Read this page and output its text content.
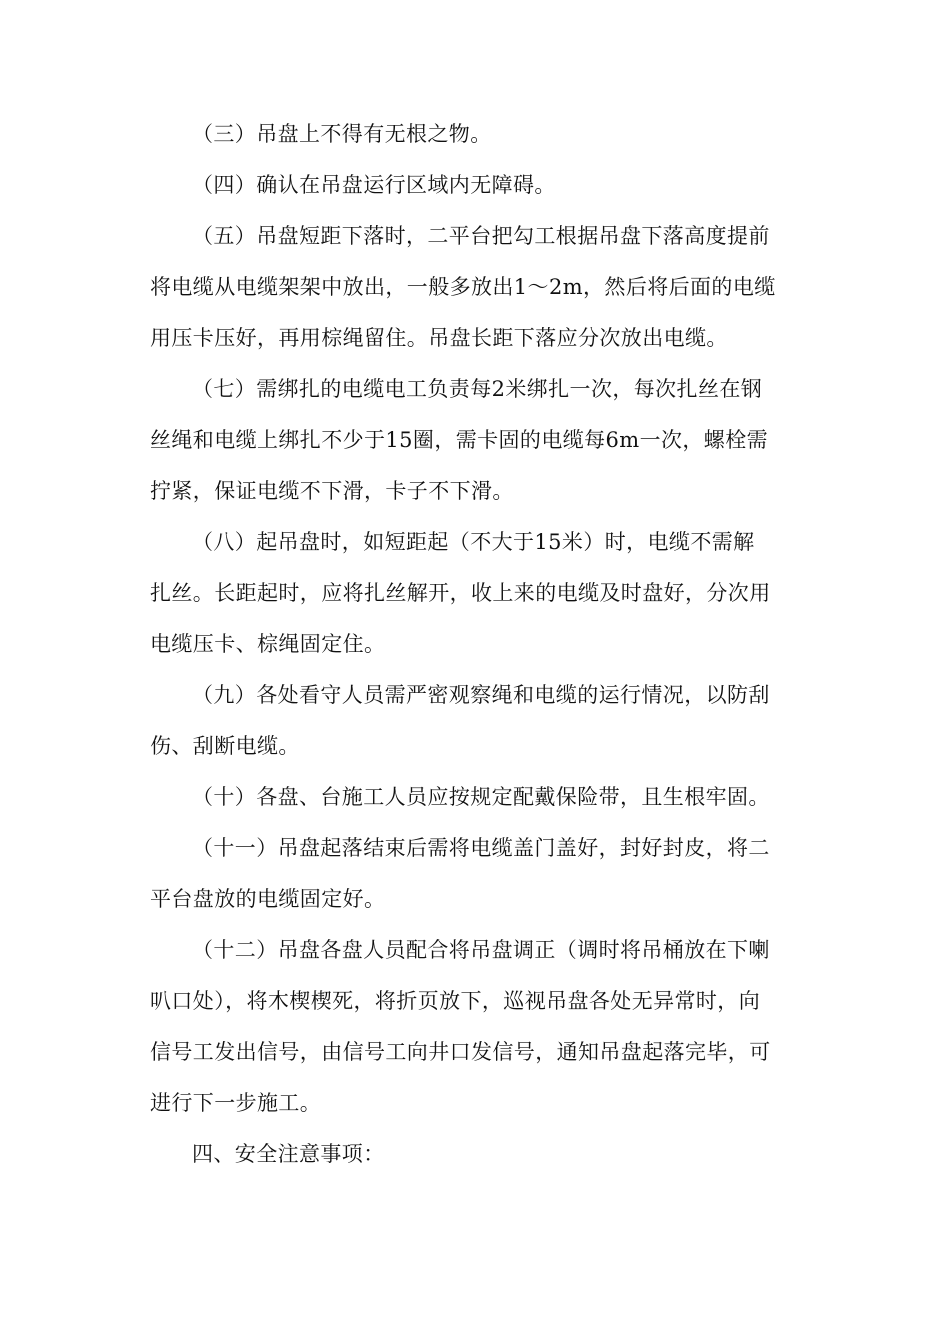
（三）吊盘上不得有无根之物。
（四）确认在吊盘运行区域内无障碍。
（五）吊盘短距下落时，二平台把勾工根据吊盘下落高度提前
将电缆从电缆架架中放出，一般多放出1～2m，然后将后面的电缆
用压卡压好，再用棕绳留住。吊盘长距下落应分次放出电缆。
（七）需绑扎的电缆电工负责每2米绑扎一次，每次扎丝在钢
丝绳和电缆上绑扎不少于15圈，需卡固的电缆每6m一次，螺栓需
拧紧，保证电缆不下滑，卡子不下滑。
（八）起吊盘时，如短距起（不大于15米）时，电缆不需解
扎丝。长距起时，应将扎丝解开，收上来的电缆及时盘好，分次用
电缆压卡、棕绳固定住。
（九）各处看守人员需严密观察绳和电缆的运行情况，以防刮
伤、刮断电缆。
（十）各盘、台施工人员应按规定配戴保险带，且生根牢固。
（十一）吊盘起落结束后需将电缆盖门盖好，封好封皮，将二
平台盘放的电缆固定好。
（十二）吊盘各盘人员配合将吊盘调正（调时将吊桶放在下喇
叭口处），将木楔楔死，将折页放下，巡视吊盘各处无异常时，向
信号工发出信号，由信号工向井口发信号，通知吊盘起落完毕，可
进行下一步施工。
四、安全注意事项：
